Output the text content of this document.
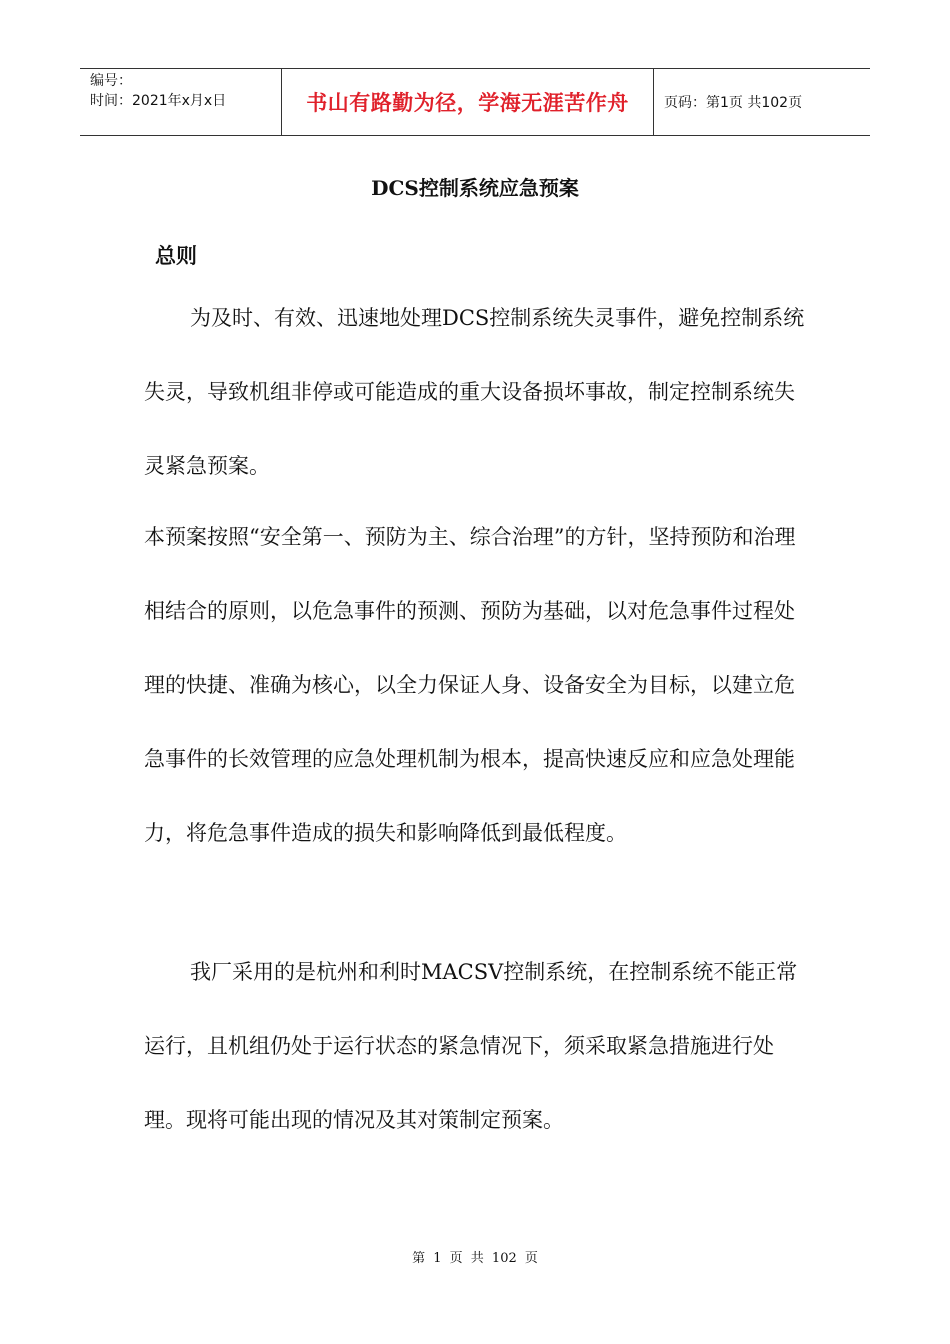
编号：
时间：2021年x月x日	书山有路勤为径，学海无涯苦作舟	页码：第1页 共102页
DCS控制系统应急预案
总则

为及时、有效、迅速地处理DCS控制系统失灵事件，避免控制系统失灵，导致机组非停或可能造成的重大设备损坏事故，制定控制系统失灵紧急预案。

本预案按照“安全第一、预防为主、综合治理”的方针，坚持预防和治理相结合的原则，以危急事件的预测、预防为基础，以对危急事件过程处理的快捷、准确为核心，以全力保证人身、设备安全为目标，以建立危急事件的长效管理的应急处理机制为根本，提高快速反应和应急处理能力，将危急事件造成的损失和影响降低到最低程度。

我厂采用的是杭州和利时MACSV控制系统，在控制系统不能正常运行，且机组仍处于运行状态的紧急情况下，须采取紧急措施进行处理。现将可能出现的情况及其对策制定预案。

第 1 页 共 102 页
